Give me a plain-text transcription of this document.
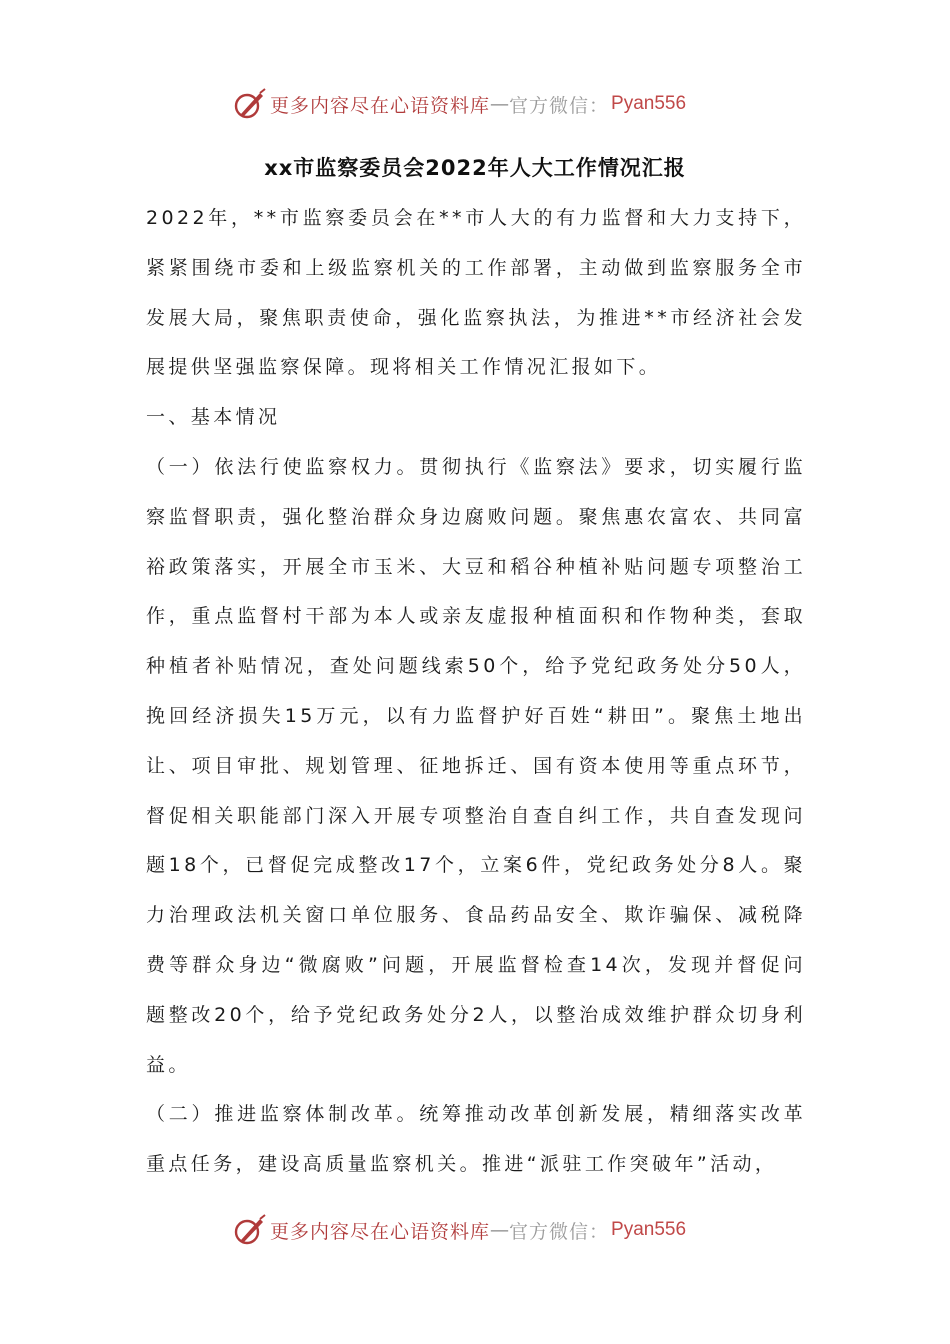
更多内容尽在心语资料库 — 官方微信： Pyan556
xx市监察委员会2022年人大工作情况汇报

2022年，**市监察委员会在**市人大的有力监督和大力支持下，紧紧围绕市委和上级监察机关的工作部署，主动做到监察服务全市发展大局，聚焦职责使命，强化监察执法，为推进**市经济社会发展提供坚强监察保障。现将相关工作情况汇报如下。

一、基本情况

（一）依法行使监察权力。贯彻执行《监察法》要求，切实履行监察监督职责，强化整治群众身边腐败问题。聚焦惠农富农、共同富裕政策落实，开展全市玉米、大豆和稻谷种植补贴问题专项整治工作，重点监督村干部为本人或亲友虚报种植面积和作物种类，套取种植者补贴情况，查处问题线索50个，给予党纪政务处分50人，挽回经济损失15万元，以有力监督护好百姓“耕田”。聚焦土地出让、项目审批、规划管理、征地拆迁、国有资本使用等重点环节，督促相关职能部门深入开展专项整治自查自纠工作，共自查发现问题18个，已督促完成整改17个，立案6件，党纪政务处分8人。聚力治理政法机关窗口单位服务、食品药品安全、欺诈骗保、减税降费等群众身边“微腐败”问题，开展监督检查14次，发现并督促问题整改20个，给予党纪政务处分2人，以整治成效维护群众切身利益。

（二）推进监察体制改革。统筹推动改革创新发展，精细落实改革重点任务，建设高质量监察机关。推进“派驻工作突破年”活动，

更多内容尽在心语资料库 — 官方微信： Pyan556
